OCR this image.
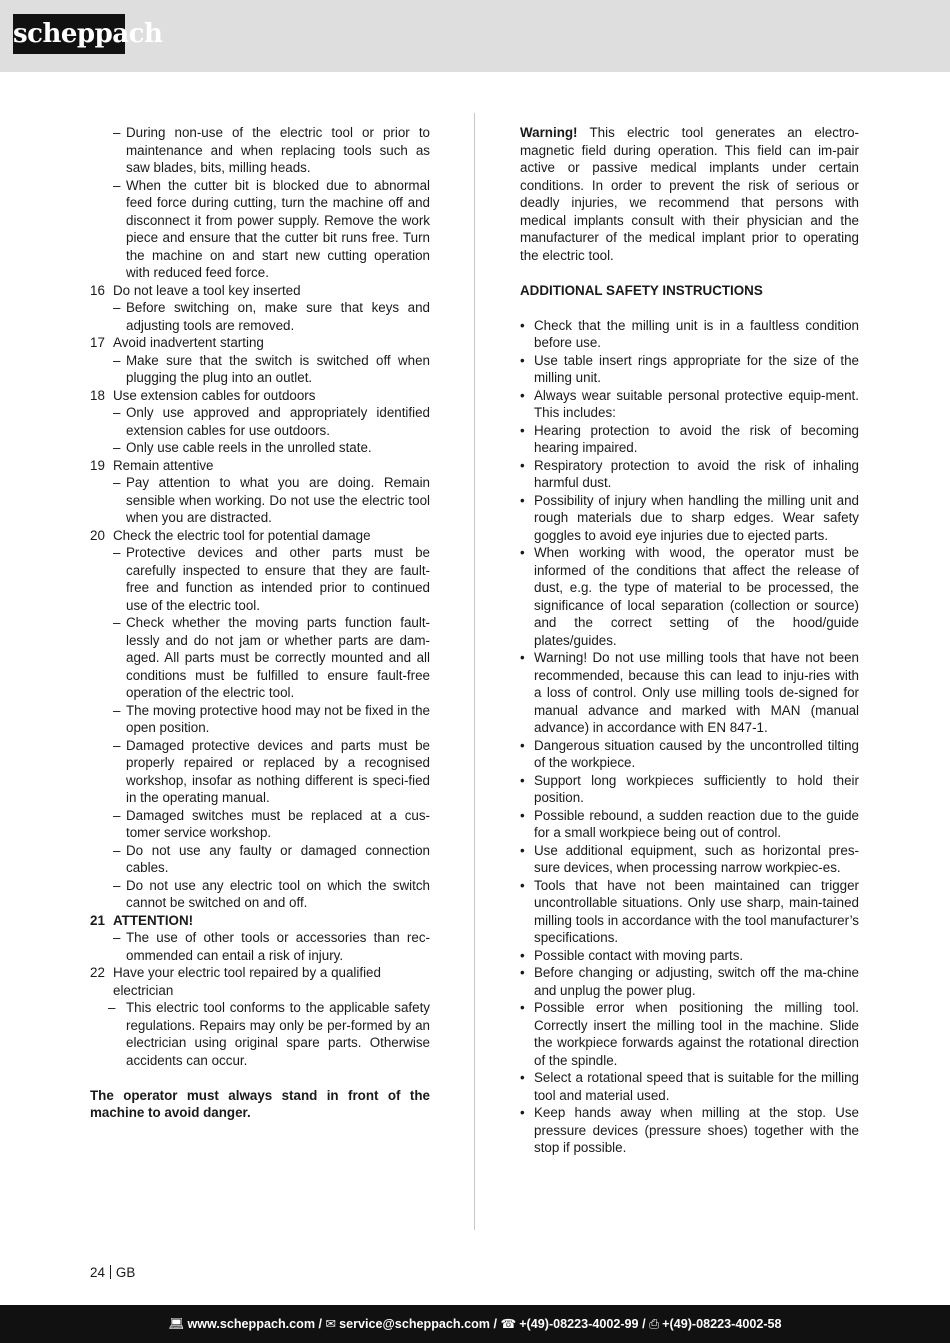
scheppach
– During non-use of the electric tool or prior to maintenance and when replacing tools such as saw blades, bits, milling heads.
– When the cutter bit is blocked due to abnormal feed force during cutting, turn the machine off and disconnect it from power supply. Remove the work piece and ensure that the cutter bit runs free. Turn the machine on and start new cutting operation with reduced feed force.
16 Do not leave a tool key inserted
– Before switching on, make sure that keys and adjusting tools are removed.
17 Avoid inadvertent starting
– Make sure that the switch is switched off when plugging the plug into an outlet.
18 Use extension cables for outdoors
– Only use approved and appropriately identified extension cables for use outdoors.
– Only use cable reels in the unrolled state.
19 Remain attentive
– Pay attention to what you are doing. Remain sensible when working. Do not use the electric tool when you are distracted.
20 Check the electric tool for potential damage
– Protective devices and other parts must be carefully inspected to ensure that they are fault-free and function as intended prior to continued use of the electric tool.
– Check whether the moving parts function fault-lessly and do not jam or whether parts are dam-aged. All parts must be correctly mounted and all conditions must be fulfilled to ensure fault-free operation of the electric tool.
– The moving protective hood may not be fixed in the open position.
– Damaged protective devices and parts must be properly repaired or replaced by a recognised workshop, insofar as nothing different is speci-fied in the operating manual.
– Damaged switches must be replaced at a cus-tomer service workshop.
– Do not use any faulty or damaged connection cables.
– Do not use any electric tool on which the switch cannot be switched on and off.
21 ATTENTION!
– The use of other tools or accessories than rec-ommended can entail a risk of injury.
22 Have your electric tool repaired by a qualified electrician
– This electric tool conforms to the applicable safety regulations. Repairs may only be per-formed by an electrician using original spare parts. Otherwise accidents can occur.
The operator must always stand in front of the machine to avoid danger.
Warning! This electric tool generates an electro-magnetic field during operation. This field can im-pair active or passive medical implants under certain conditions. In order to prevent the risk of serious or deadly injuries, we recommend that persons with medical implants consult with their physician and the manufacturer of the medical implant prior to operating the electric tool.
ADDITIONAL SAFETY INSTRUCTIONS
• Check that the milling unit is in a faultless condition before use.
• Use table insert rings appropriate for the size of the milling unit.
• Always wear suitable personal protective equip-ment. This includes:
• Hearing protection to avoid the risk of becoming hearing impaired.
• Respiratory protection to avoid the risk of inhaling harmful dust.
• Possibility of injury when handling the milling unit and rough materials due to sharp edges. Wear safety goggles to avoid eye injuries due to ejected parts.
• When working with wood, the operator must be informed of the conditions that affect the release of dust, e.g. the type of material to be processed, the significance of local separation (collection or source) and the correct setting of the hood/guide plates/guides.
• Warning! Do not use milling tools that have not been recommended, because this can lead to inju-ries with a loss of control. Only use milling tools de-signed for manual advance and marked with MAN (manual advance) in accordance with EN 847-1.
• Dangerous situation caused by the uncontrolled tilting of the workpiece.
• Support long workpieces sufficiently to hold their position.
• Possible rebound, a sudden reaction due to the guide for a small workpiece being out of control.
• Use additional equipment, such as horizontal pres-sure devices, when processing narrow workpiec-es.
• Tools that have not been maintained can trigger uncontrollable situations. Only use sharp, main-tained milling tools in accordance with the tool manufacturer’s specifications.
• Possible contact with moving parts.
• Before changing or adjusting, switch off the ma-chine and unplug the power plug.
• Possible error when positioning the milling tool. Correctly insert the milling tool in the machine. Slide the workpiece forwards against the rotational direction of the spindle.
• Select a rotational speed that is suitable for the milling tool and material used.
• Keep hands away when milling at the stop. Use pressure devices (pressure shoes) together with the stop if possible.
24 GB
💻︎ www.scheppach.com / ✉ service@scheppach.com / ☎ +(49)-08223-4002-99 / ⎙ +(49)-08223-4002-58
